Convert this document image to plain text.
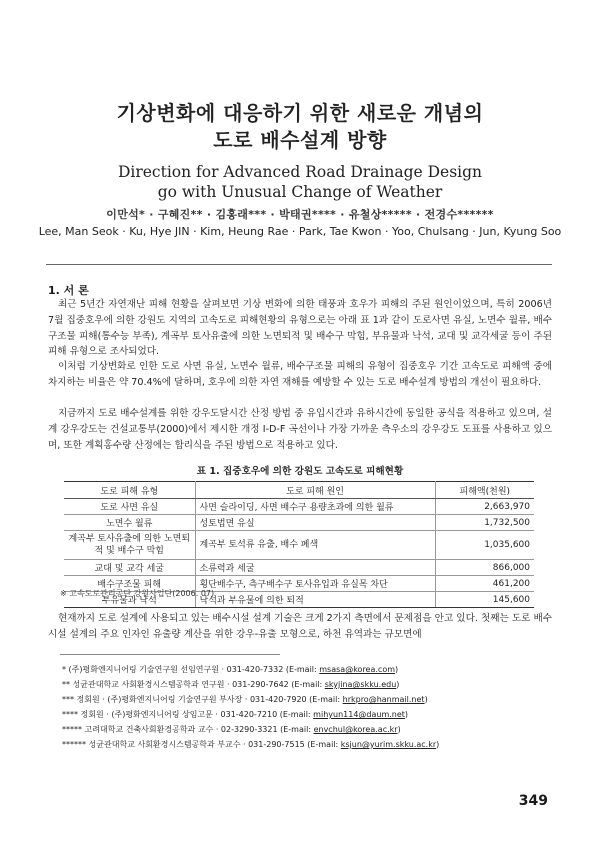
기상변화에 대응하기 위한 새로운 개념의
도로 배수설계 방향
Direction for Advanced Road Drainage Design
go with Unusual Change of Weather
이만석* · 구혜진** · 김홍래*** · 박태권**** · 유철상***** · 전경수******
Lee, Man Seok · Ku, Hye JIN · Kim, Heung Rae · Park, Tae Kwon · Yoo, Chulsang · Jun, Kyung Soo
1. 서 론
최근 5년간 자연재난 피해 현황을 살펴보면 기상 변화에 의한 태풍과 호우가 피해의 주된 원인이었으며, 특히 2006년 7월 집중호우에 의한 강원도 지역의 고속도로 피해현황의 유형으로는 아래 표 1과 같이 도로사면 유실, 노면수 월류, 배수구조물 피해(통수능 부족), 계곡부 토사유출에 의한 노면퇴적 및 배수구 막힘, 부유물과 낙석, 교대 및 교각세굴 등이 주된 피해 유형으로 조사되었다.
이처럼 기상변화로 인한 도로 사면 유실, 노면수 월류, 배수구조물 피해의 유형이 집중호우 기간 고속도로 피해액 중에 차지하는 비율은 약 70.4%에 달하며, 호우에 의한 자연 재해를 예방할 수 있는 도로 배수설계 방법의 개선이 필요하다.
지금까지 도로 배수설계를 위한 강우도달시간 산정 방법 중 유입시간과 유하시간에 동일한 공식을 적용하고 있으며, 설계 강우강도는 건설교통부(2000)에서 제시한 개정 I-D-F 곡선이나 가장 가까운 측우소의 강우강도 도표를 사용하고 있으며, 또한 계획홍수량 산정에는 합리식을 주된 방법으로 적용하고 있다.
표 1. 집중호우에 의한 강원도 고속도로 피해현황
도로 피해 유형	도로 피해 원인	피해액(천원)
도로 사면 유실	사면 슬라이딩, 사면 배수구 용량초과에 의한 월류	2,663,970
노면수 월류	성토법면 유실	1,732,500
계곡부 토사유출에 의한 노면퇴적 및 배수구 막힘	계곡부 토석류 유출, 배수 폐색	1,035,600
교대 및 교각 세굴	소류력과 세굴	866,000
배수구조물 피해	횡단배수구, 측구배수구 토사유입과 유실목 차단	461,200
부유물과 낙석	낙석과 부유물에 의한 퇴적	145,600
※ 고속도로관리공단 강원사업단(2006. 07)
현재까지 도로 설계에 사용되고 있는 배수시설 설계 기술은 크게 2가지 측면에서 문제점을 안고 있다. 첫째는 도로 배수시설 설계의 주요 인자인 유출량 계산을 위한 강우-유출 모형으로, 하천 유역과는 규모면에
* (주)평화엔지니어링 기술연구원 선임연구원 · 031-420-7332 (E-mail: msasa@korea.com)
** 성균관대학교 사회환경시스템공학과 연구원 · 031-290-7642 (E-mail: skyjina@skku.edu)
*** 정회원 · (주)평화엔지니어링 기술연구원 부사장 · 031-420-7920 (E-mail: hrkpro@hanmail.net)
**** 정회원 · (주)평화엔지니어링 상임고문 · 031-420-7210 (E-mail: mihyun114@daum.net)
***** 고려대학교 건축사회환경공학과 교수 · 02-3290-3321 (E-mail: envchul@korea.ac.kr)
****** 성균관대학교 사회환경시스템공학과 부교수 · 031-290-7515 (E-mail: ksjun@yurim.skku.ac.kr)
349
